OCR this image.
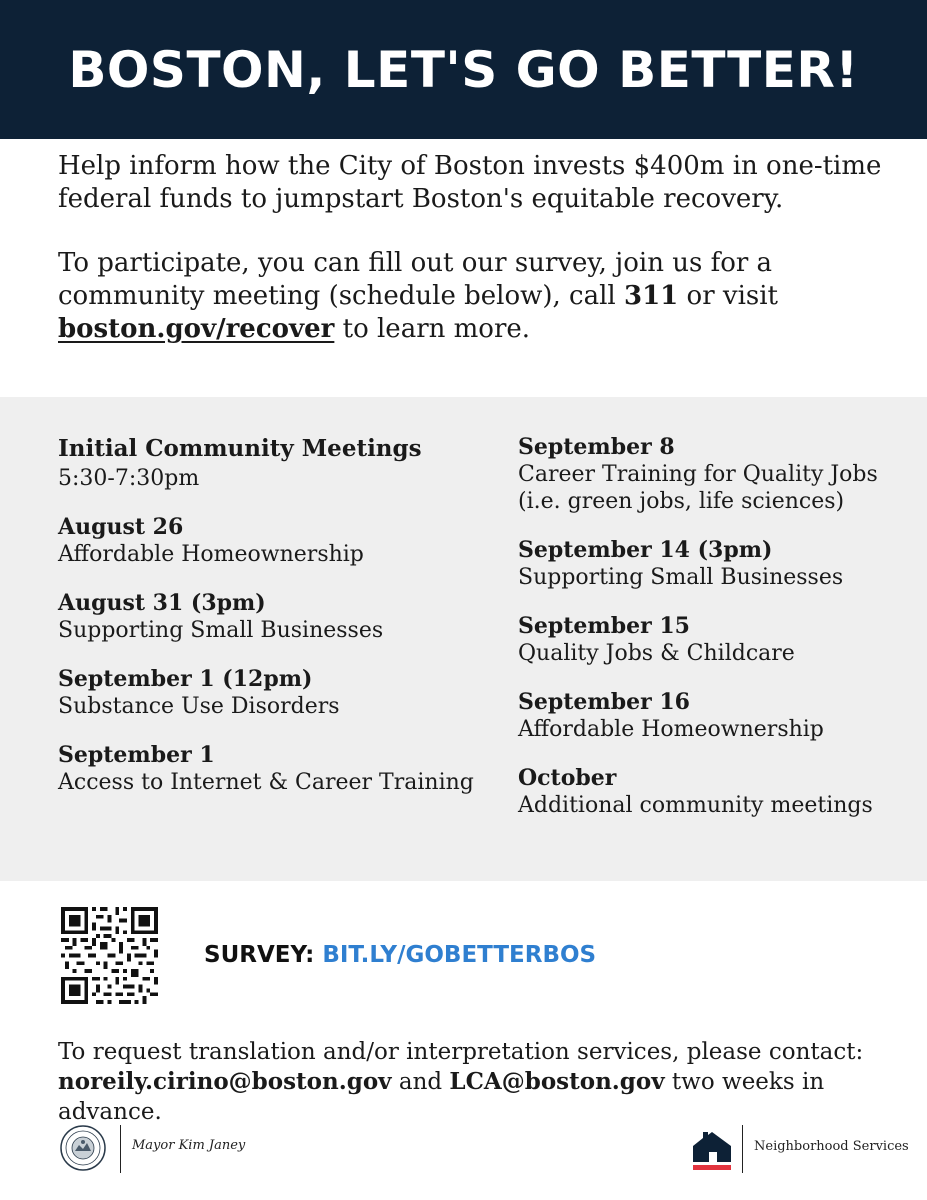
BOSTON, LET'S GO BETTER!

Help inform how the City of Boston invests $400m in one-time federal funds to jumpstart Boston's equitable recovery.

To participate, you can fill out our survey, join us for a community meeting (schedule below), call 311 or visit boston.gov/recover to learn more.

Initial Community Meetings
5:30-7:30pm
August 26
Affordable Homeownership
August 31 (3pm)
Supporting Small Businesses
September 1 (12pm)
Substance Use Disorders
September 1
Access to Internet & Career Training
September 8
Career Training for Quality Jobs
(i.e. green jobs, life sciences)
September 14 (3pm)
Supporting Small Businesses
September 15
Quality Jobs & Childcare
September 16
Affordable Homeownership
October
Additional community meetings
SURVEY: BIT.LY/GOBETTERBOS
To request translation and/or interpretation services, please contact:
noreily.cirino@boston.gov and LCA@boston.gov two weeks in advance.
Mayor Kim Janey	Neighborhood Services
